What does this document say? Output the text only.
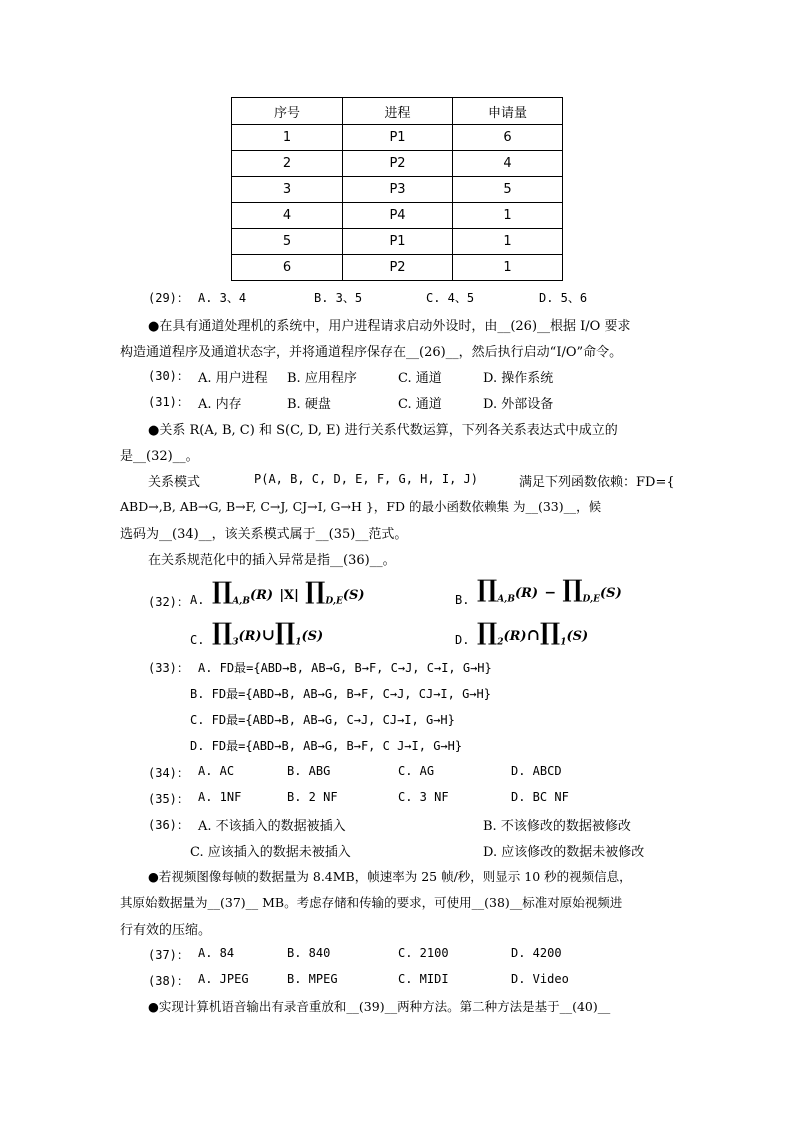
序号	进程	申请量
1	P1	6
2	P2	4
3	P3	5
4	P4	1
5	P1	1
6	P2	1
(29)： A. 3、4	B. 3、5	C. 4、5	D. 5、6
●在具有通道处理机的系统中，用户进程请求启动外设时，由__(26)__根据 I/O 要求
构造通道程序及通道状态字，并将通道程序保存在__(26)__，然后执行启动“I/O”命令。
(30)： A. 用户进程 B. 应用程序	C. 通道	D. 操作系统
(31)： A. 内存	B. 硬盘	C. 通道	D. 外部设备
●关系 R(A, B, C) 和 S(C, D, E) 进行关系代数运算，下列各关系表达式中成立的
是__(32)__。
关系模式	P(A, B, C, D, E, F, G, H, I, J)	满足下列函数依赖：FD={
ABD→,B, AB→G, B→F, C→J, CJ→I, G→H }，FD 的最小函数依赖集 为__(33)__，候
选码为__(34)__，该关系模式属于__(35)__范式。
在关系规范化中的插入异常是指__(36)__。
(32)： A. $\prod_{A,B}(R)$ |X| $\prod_{D,E}(S)$	B. $\prod_{A,B}(R)$ − $\prod_{D,E}(S)$
C. $\prod_3(R)\cup\prod_1(S)$	D. $\prod_2(R)\cap\prod_1(S)$
(33)： A. FD最={ABD→B, AB→G, B→F, C→J, C→I, G→H}
B. FD最={ABD→B, AB→G, B→F, C→J, CJ→I, G→H}
C. FD最={ABD→B, AB→G, C→J, CJ→I, G→H}
D. FD最={ABD→B, AB→G, B→F, C J→I, G→H}
(34)： A. AC	B. ABG	C. AG	D. ABCD
(35)： A. 1NF	B. 2 NF	C. 3 NF	D. BC NF
(36)： A. 不该插入的数据被插入	B. 不该修改的数据被修改
C. 应该插入的数据未被插入	D. 应该修改的数据未被修改
●若视频图像每帧的数据量为 8.4MB，帧速率为 25 帧/秒，则显示 10 秒的视频信息，
其原始数据量为__(37)__ MB。考虑存储和传输的要求，可使用__(38)__标准对原始视频进
行有效的压缩。
(37)： A. 84	B. 840	C. 2100	D. 4200
(38)： A. JPEG	B. MPEG	C. MIDI	D. Video
●实现计算机语音输出有录音重放和__(39)__两种方法。第二种方法是基于__(40)__
